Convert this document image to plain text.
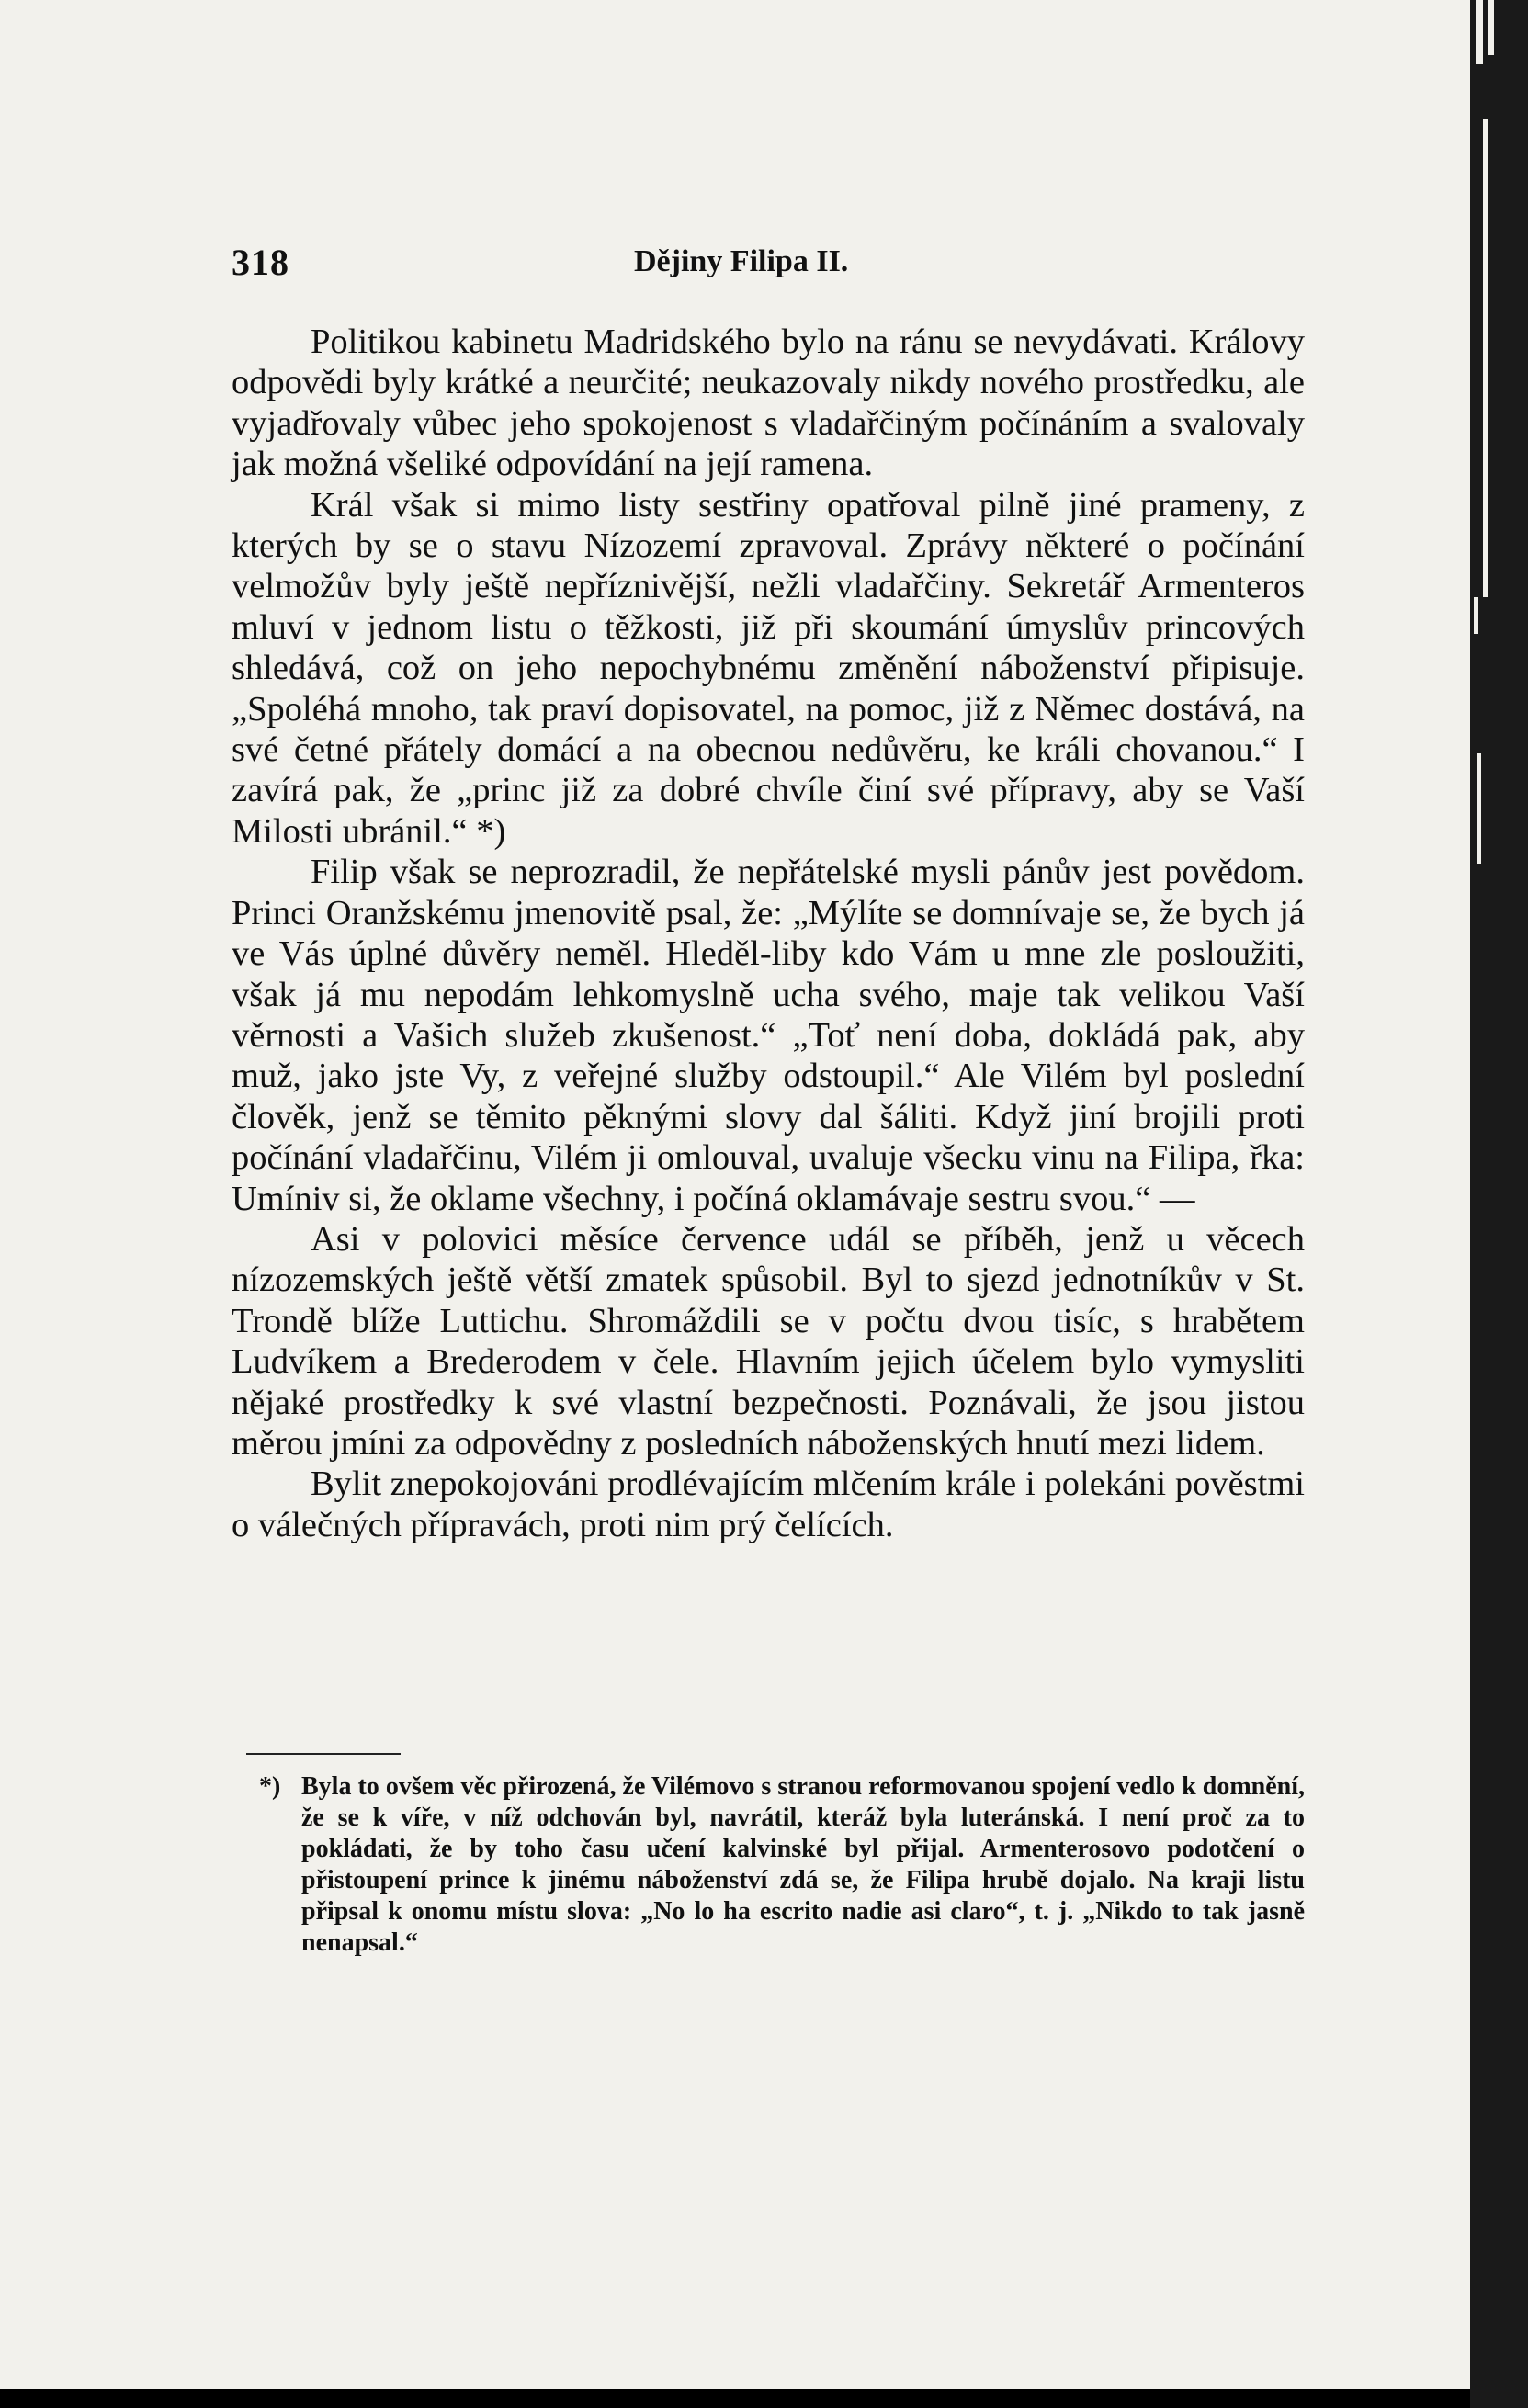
318	Dějiny Filipa II.

Politikou kabinetu Madridského bylo na ránu se nevydávati. Královy odpovědi byly krátké a neurčité; neukazovaly nikdy nového prostředku, ale vyjadřovaly vůbec jeho spokojenost s vladařčiným počínáním a svalovaly jak možná všeliké odpovídání na její ramena.

Král však si mimo listy sestřiny opatřoval pilně jiné prameny, z kterých by se o stavu Nízozemí zpravoval. Zprávy některé o počínání velmožův byly ještě nepříznivější, nežli vladařčiny. Sekretář Armenteros mluví v jednom listu o těžkosti, již při skoumání úmyslův princových shledává, což on jeho nepochybnému změnění náboženství připisuje. „Spoléhá mnoho, tak praví dopisovatel, na pomoc, již z Němec dostává, na své četné přátely domácí a na obecnou nedůvěru, ke králi chovanou.“ I zavírá pak, že „princ již za dobré chvíle činí své přípravy, aby se Vaší Milosti ubránil.“ *)

Filip však se neprozradil, že nepřátelské mysli pánův jest povědom. Princi Oranžskému jmenovitě psal, že: „Mýlíte se domnívaje se, že bych já ve Vás úplné důvěry neměl. Hleděl-liby kdo Vám u mne zle posloužiti, však já mu nepodám lehkomyslně ucha svého, maje tak velikou Vaší věrnosti a Vašich služeb zkušenost.“ „Toť není doba, dokládá pak, aby muž, jako jste Vy, z veřejné služby odstoupil.“ Ale Vilém byl poslední člověk, jenž se těmito pěknými slovy dal šáliti. Když jiní brojili proti počínání vladařčinu, Vilém ji omlouval, uvaluje všecku vinu na Filipa, řka: Umíniv si, že oklame všechny, i počíná oklamávaje sestru svou.“ —

Asi v polovici měsíce července udál se příběh, jenž u věcech nízozemských ještě větší zmatek spůsobil. Byl to sjezd jednotníkův v St. Trondě blíže Luttichu. Shromáždili se v počtu dvou tisíc, s hrabětem Ludvíkem a Brederodem v čele. Hlavním jejich účelem bylo vymysliti nějaké prostředky k své vlastní bezpečnosti. Poznávali, že jsou jistou měrou jmíni za odpovědny z posledních náboženských hnutí mezi lidem.

Bylit znepokojováni prodlévajícím mlčením krále i polekáni pověstmi o válečných přípravách, proti nim prý čelících.

*) Byla to ovšem věc přirozená, že Vilémovo s stranou reformovanou spojení vedlo k domnění, že se k víře, v níž odchován byl, navrátil, kteráž byla luteránská. I není proč za to pokládati, že by toho času učení kalvinské byl přijal. Armenterosovo podotčení o přistoupení prince k jinému náboženství zdá se, že Filipa hrubě dojalo. Na kraji listu připsal k onomu místu slova: „No lo ha escrito nadie asi claro“, t. j. „Nikdo to tak jasně nenapsal.“
